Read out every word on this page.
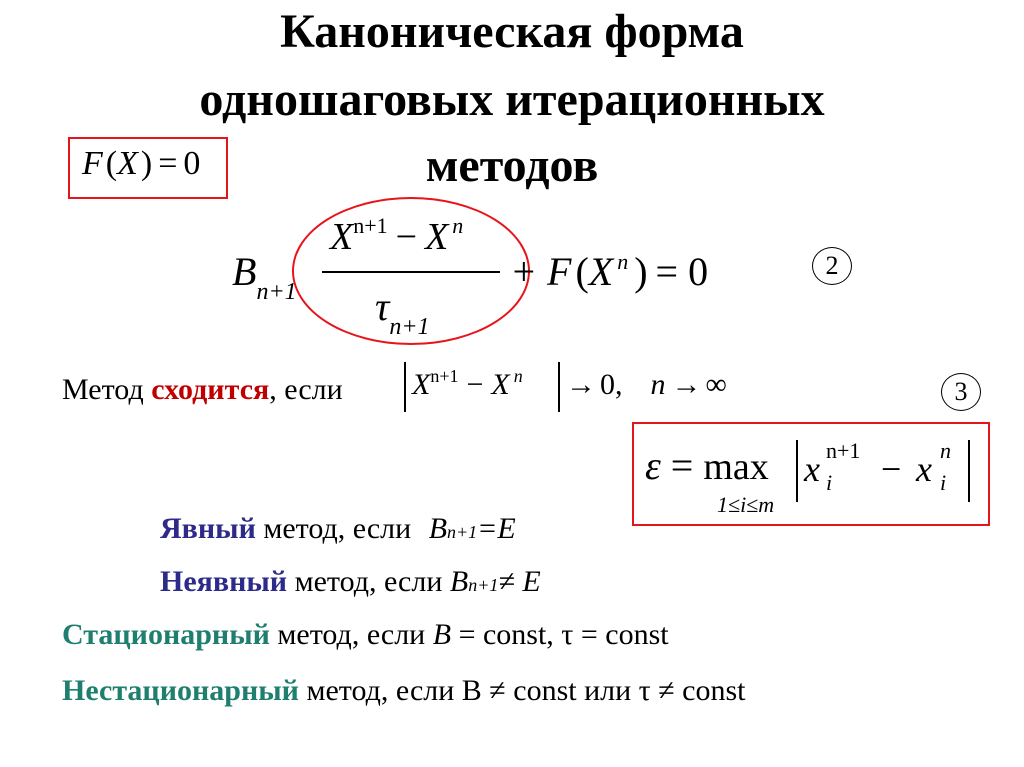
Каноническая форма
одношаговых итерационных
методов
F(X) = 0
$B_{n+1}$
$X^{n+1} - X$ $^n$
$\tau_{n+1}$
+ F (X $^n$ ) = 0	2
Метод сходится, если $X^{n+1} - X$ $^n$ → 0, n → ∞	3
ε = max
1≤i≤m
x n+1
i − x n
i
Явный метод, если Bn+1=E
Неявный метод, если Bn+1≠ E
Стационарный метод, если B = const, τ = const
Нестационарный метод, если B ≠ const или τ ≠ const
